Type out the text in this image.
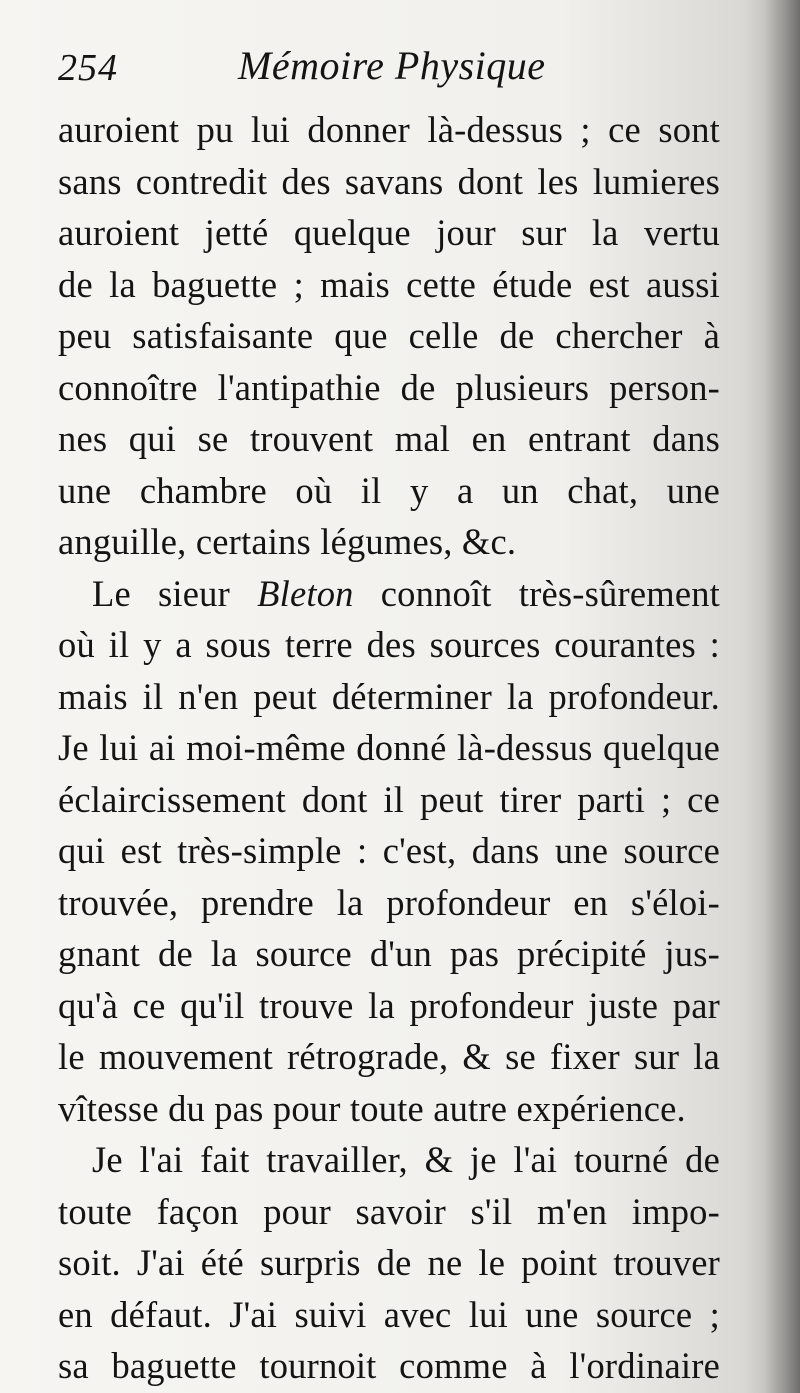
254	Mémoire Physique
auroient pu lui donner là-dessus ; ce sont
sans contredit des savans dont les lumieres
auroient jetté quelque jour sur la vertu
de la baguette ; mais cette étude est aussi
peu satisfaisante que celle de chercher à
connoître l'antipathie de plusieurs person-
nes qui se trouvent mal en entrant dans
une chambre où il y a un chat, une
anguille, certains légumes, &c.
Le sieur Bleton connoît très-sûrement
où il y a sous terre des sources courantes :
mais il n'en peut déterminer la profondeur.
Je lui ai moi-même donné là-dessus quelque
éclaircissement dont il peut tirer parti ; ce
qui est très-simple : c'est, dans une source
trouvée, prendre la profondeur en s'éloi-
gnant de la source d'un pas précipité jus-
qu'à ce qu'il trouve la profondeur juste par
le mouvement rétrograde, & se fixer sur la
vîtesse du pas pour toute autre expérience.
Je l'ai fait travailler, & je l'ai tourné de
toute façon pour savoir s'il m'en impo-
soit. J'ai été surpris de ne le point trouver
en défaut. J'ai suivi avec lui une source ;
sa baguette tournoit comme à l'ordinaire
